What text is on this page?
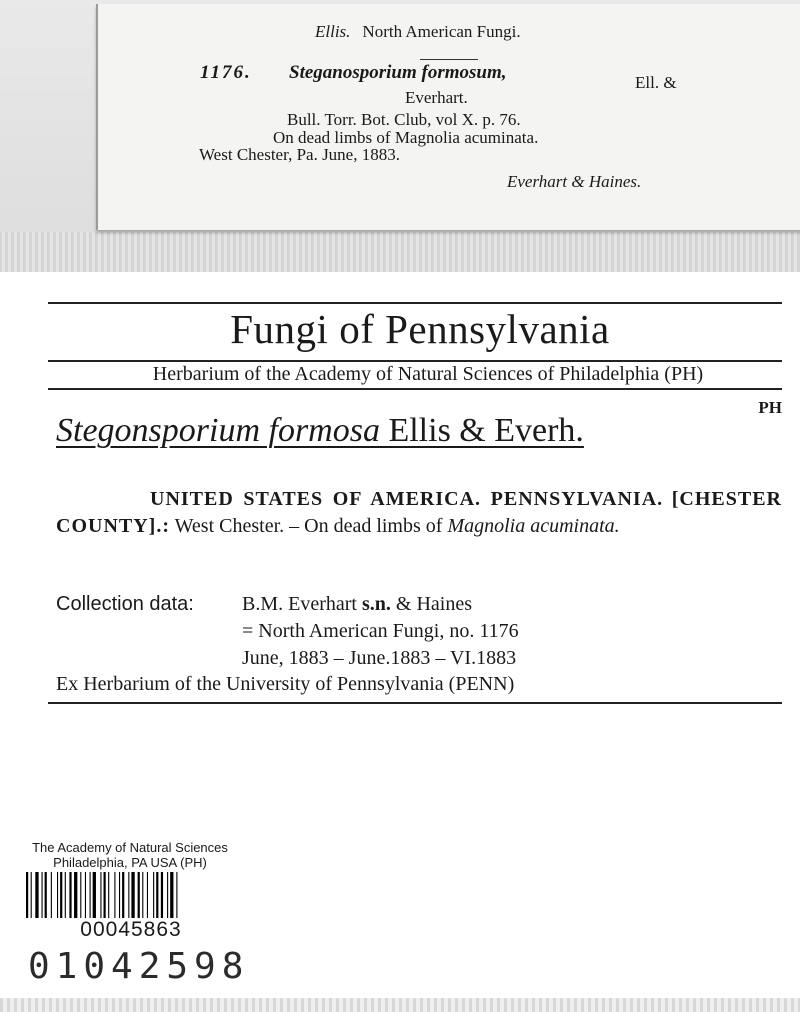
Ellis. North American Fungi.
1176. Steganosporium formosum,	Ell. &
Everhart.
Bull. Torr. Bot. Club, vol X. p. 76.
On dead limbs of Magnolia acuminata.
West Chester, Pa. June, 1883.
Everhart & Haines.
Fungi of Pennsylvania
Herbarium of the Academy of Natural Sciences of Philadelphia (PH)
PH
Stegonsporium formosa Ellis & Everh.
UNITED STATES OF AMERICA. PENNSYLVANIA. [CHESTER COUNTY].: West Chester. – On dead limbs of Magnolia acuminata.
Collection data: B.M. Everhart s.n. & Haines
= North American Fungi, no. 1176
June, 1883 – June.1883 – VI.1883
Ex Herbarium of the University of Pennsylvania (PENN)
The Academy of Natural Sciences
Philadelphia, PA USA (PH)
00045863
01042598
